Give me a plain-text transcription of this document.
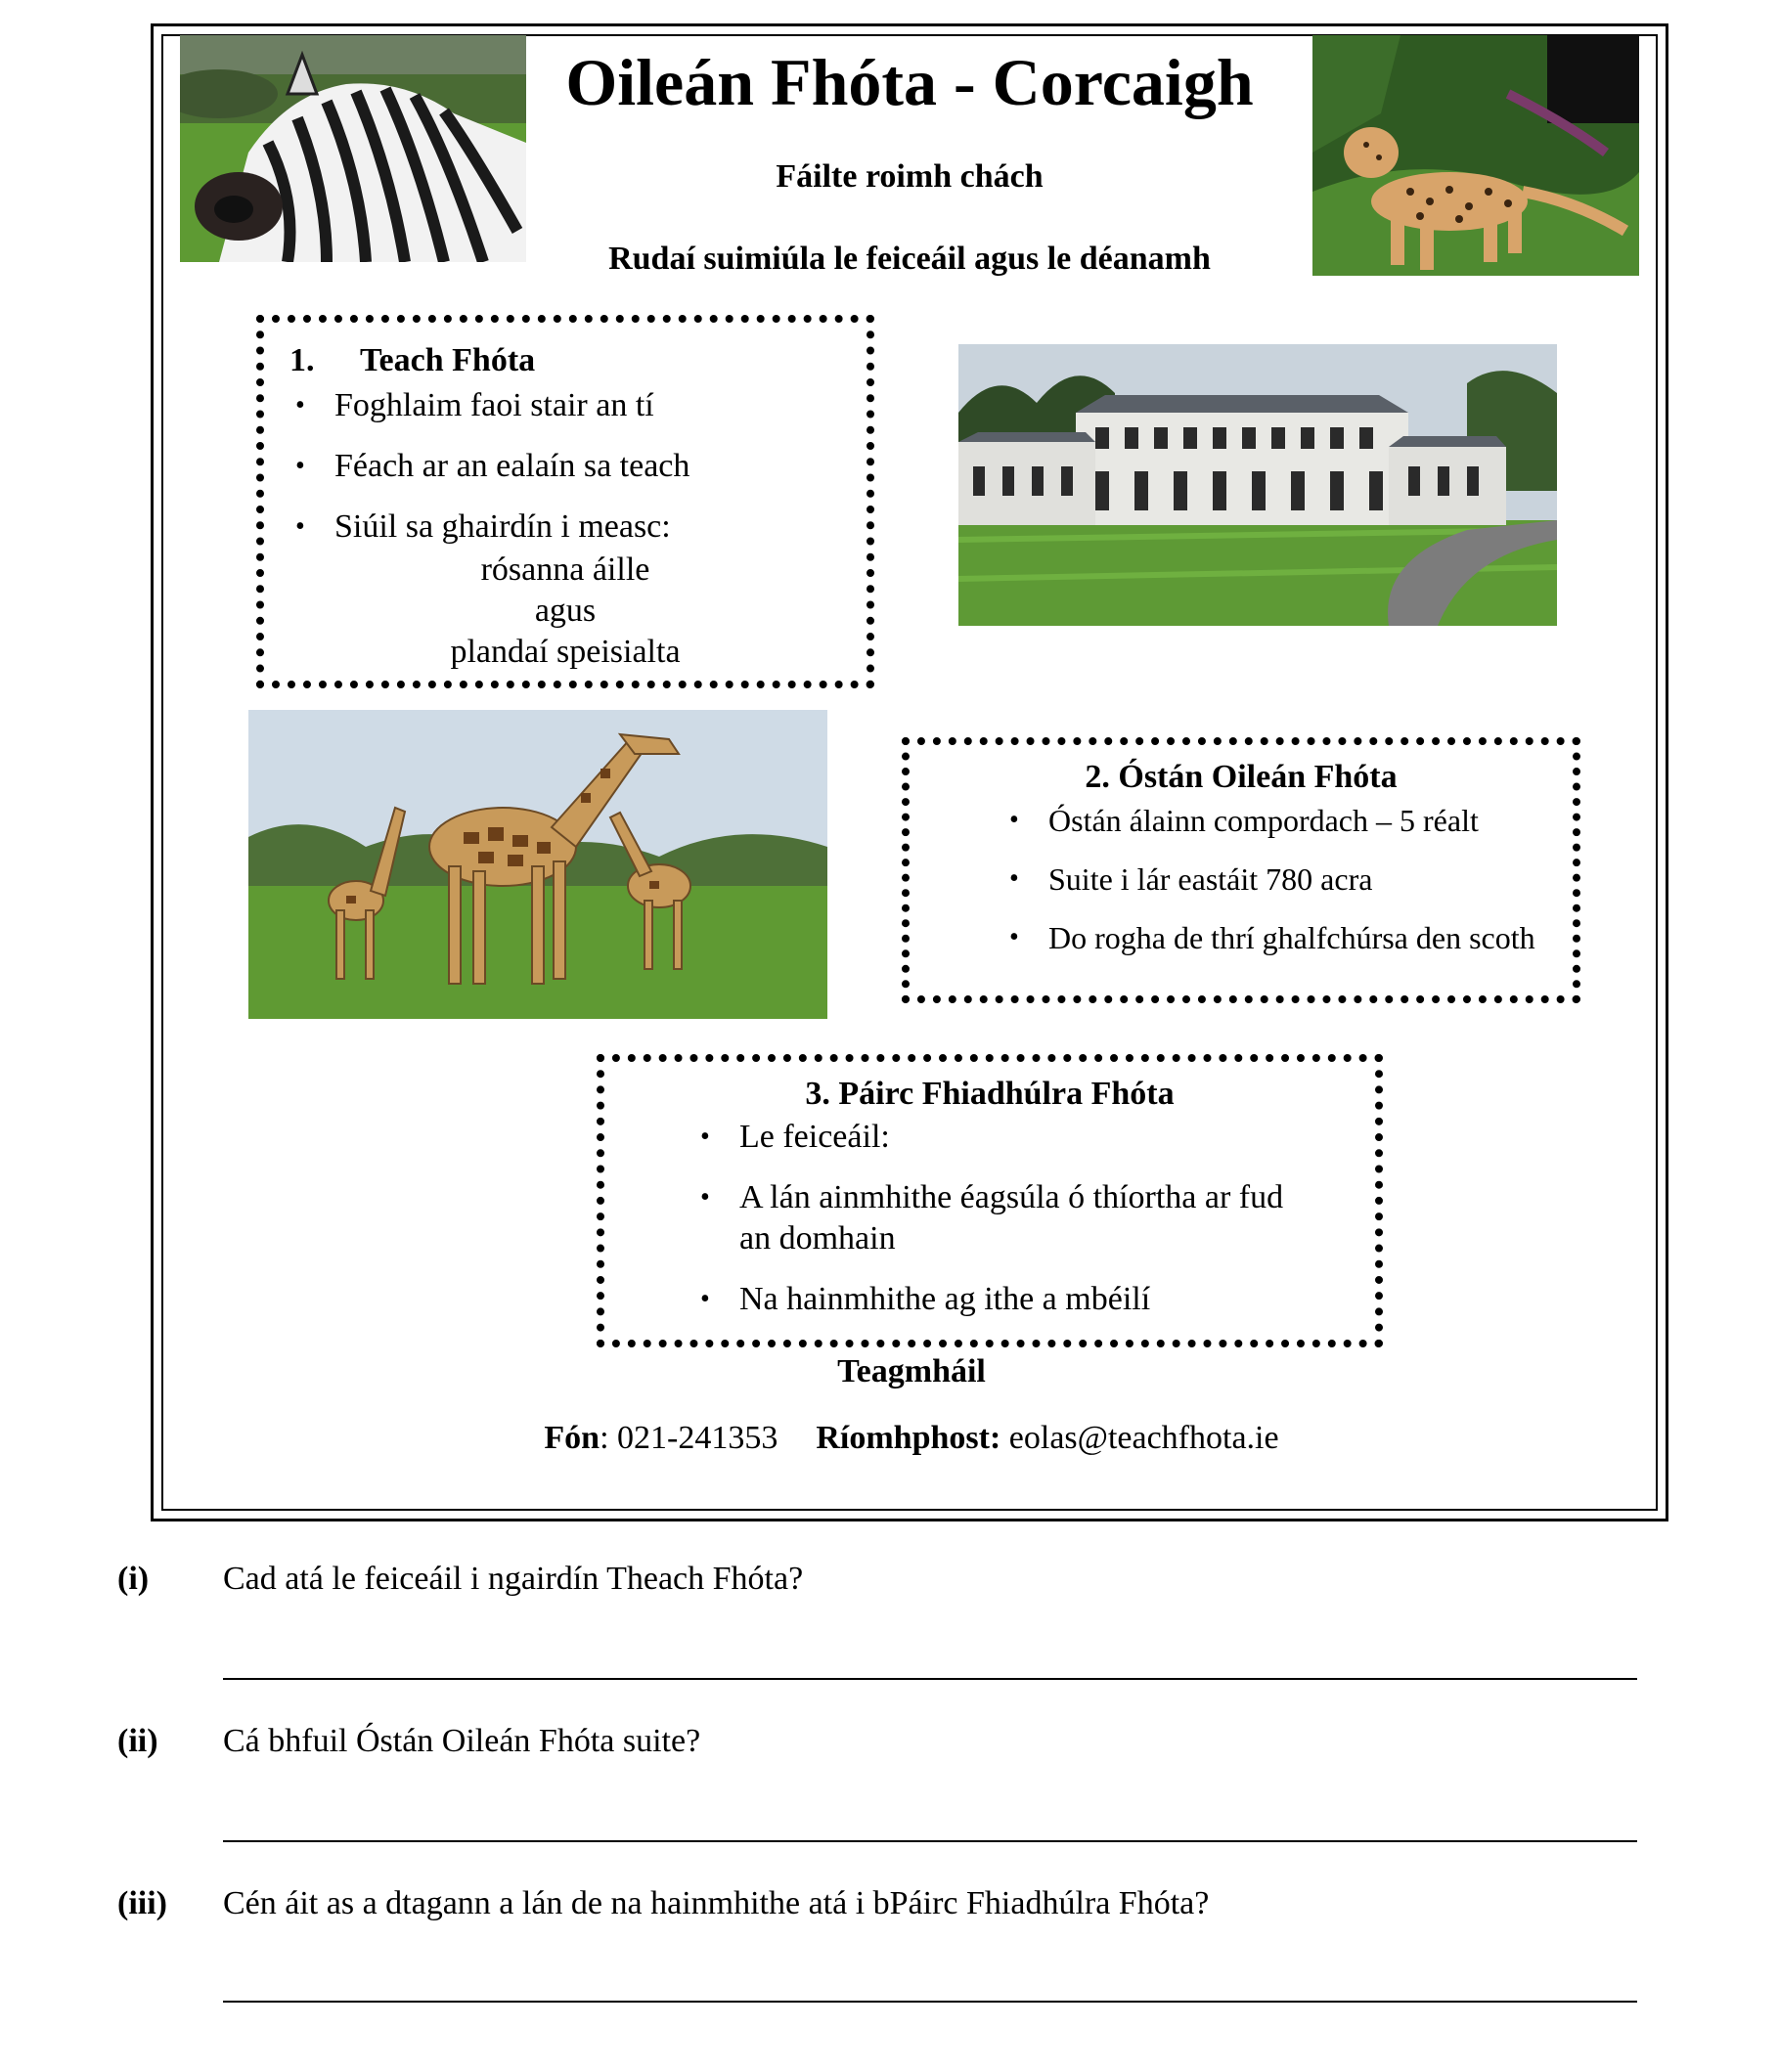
Oileán Fhóta - Corcaigh
Fáilte roimh chách
Rudaí suimiúla le feiceáil agus le déanamh
1. Teach Fhóta
• Foghlaim faoi stair an tí
• Féach ar an ealaín sa teach
• Siúil sa ghairdín i measc:
rósanna áille
agus
plandaí speisialta
2. Óstán Oileán Fhóta
• Óstán álainn compordach – 5 réalt
• Suite i lár eastáit 780 acra
• Do rogha de thrí ghalfchúrsa den scoth
3. Páirc Fhiadhúlra Fhóta
• Le feiceáil:
• A lán ainmhithe éagsúla ó thíortha ar fud
an domhain
• Na hainmhithe ag ithe a mbéilí
Teagmháil
Fón: 021-241353 Ríomhphost: eolas@teachfhota.ie
(i) Cad atá le feiceáil i ngairdín Theach Fhóta?
(ii) Cá bhfuil Óstán Oileán Fhóta suite?
(iii) Cén áit as a dtagann a lán de na hainmhithe atá i bPáirc Fhiadhúlra Fhóta?
